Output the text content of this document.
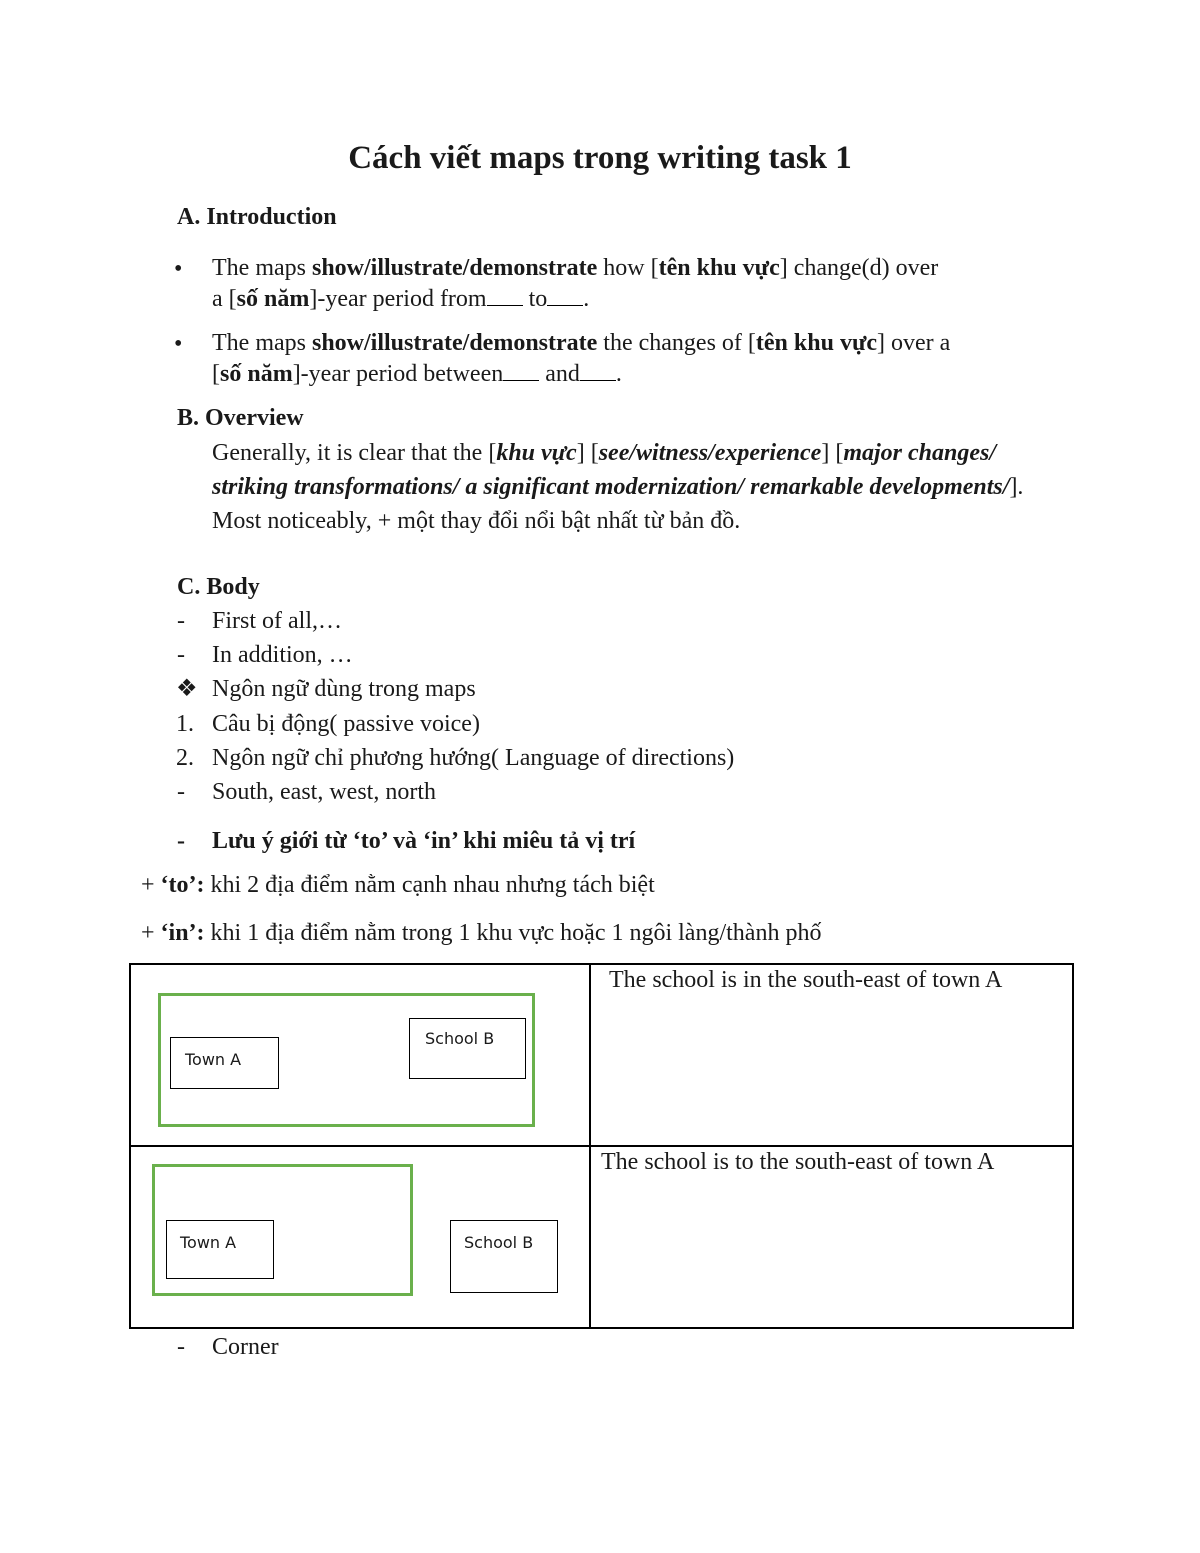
Cách viết maps trong writing task 1
A. Introduction
• The maps show/illustrate/demonstrate how [tên khu vực] change(d) over
a [số năm]-year period from to .
• The maps show/illustrate/demonstrate the changes of [tên khu vực] over a
[số năm]-year period between and .
B. Overview
Generally, it is clear that the [khu vực] [see/witness/experience] [major changes/ striking transformations/ a significant modernization/ remarkable developments/]. Most noticeably, + một thay đổi nổi bật nhất từ bản đồ.
C. Body
- First of all,…
- In addition, …
❖ Ngôn ngữ dùng trong maps
1. Câu bị động( passive voice)
2. Ngôn ngữ chỉ phương hướng( Language of directions)
- South, east, west, north
- Lưu ý giới từ ‘to’ và ‘in’ khi miêu tả vị trí
+ ‘to’: khi 2 địa điểm nằm cạnh nhau nhưng tách biệt
+ ‘in’: khi 1 địa điểm nằm trong 1 khu vực hoặc 1 ngôi làng/thành phố
Town A
School B	The school is in the south-east of town A

Town A School B	The school is to the south-east of town A
- Corner
